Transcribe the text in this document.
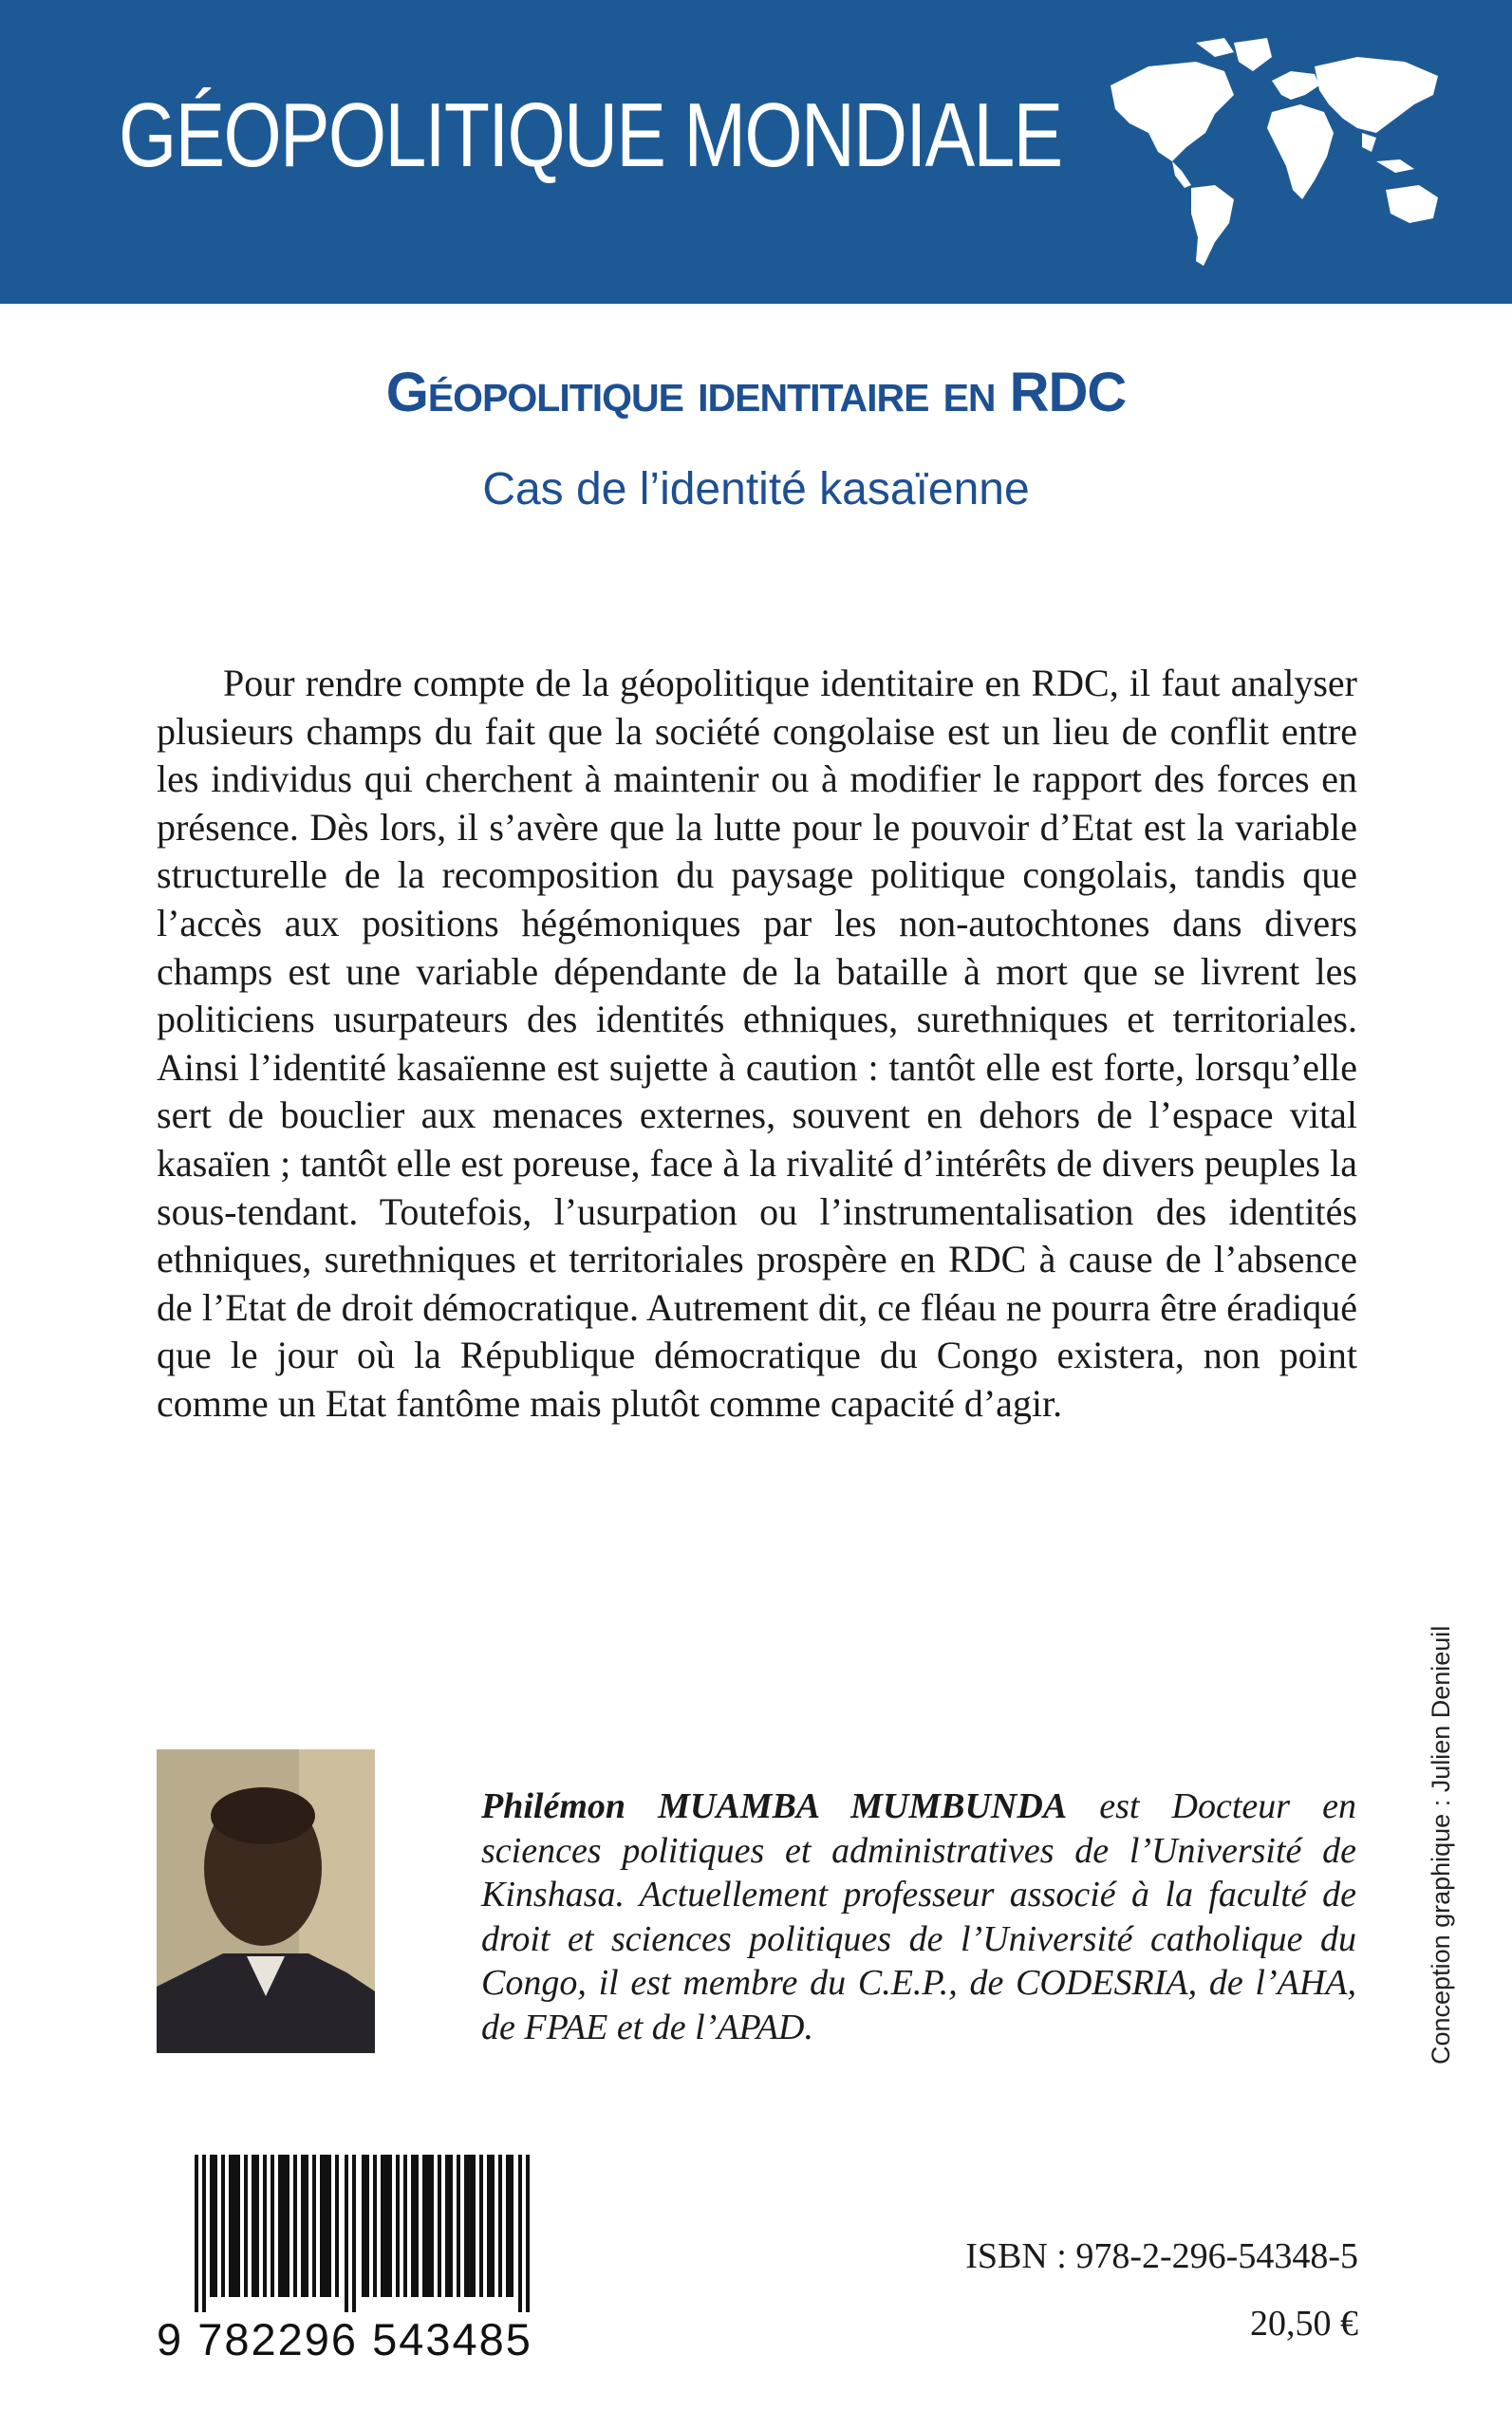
GÉOPOLITIQUE MONDIALE
Géopolitique identitaire en RDC
Cas de l’identité kasaïenne

Pour rendre compte de la géopolitique identitaire en RDC, il faut analyser plusieurs champs du fait que la société congolaise est un lieu de conflit entre les individus qui cherchent à maintenir ou à modifier le rapport des forces en présence. Dès lors, il s’avère que la lutte pour le pouvoir d’Etat est la variable structurelle de la recomposition du paysage politique congolais, tandis que l’accès aux positions hégémoniques par les non-autochtones dans divers champs est une variable dépendante de la bataille à mort que se livrent les politiciens usurpateurs des identités ethniques, surethniques et territoriales. Ainsi l’identité kasaïenne est sujette à caution : tantôt elle est forte, lorsqu’elle sert de bouclier aux menaces externes, souvent en dehors de l’espace vital kasaïen ; tantôt elle est poreuse, face à la rivalité d’intérêts de divers peuples la sous-tendant. Toutefois, l’usurpation ou l’instrumentalisation des identités ethniques, surethniques et territoriales prospère en RDC à cause de l’absence de l’Etat de droit démocratique. Autrement dit, ce fléau ne pourra être éradiqué que le jour où la République démocratique du Congo existera, non point comme un Etat fantôme mais plutôt comme capacité d’agir.

Philémon MUAMBA MUMBUNDA est Docteur en sciences politiques et administratives de l’Université de Kinshasa. Actuellement professeur associé à la faculté de droit et sciences politiques de l’Université catholique du Congo, il est membre du C.E.P., de CODESRIA, de l’AHA, de FPAE et de l’APAD.	Conception graphique : Julien Denieuil
9 782296 543485
ISBN : 978-2-296-54348-5
20,50 €
